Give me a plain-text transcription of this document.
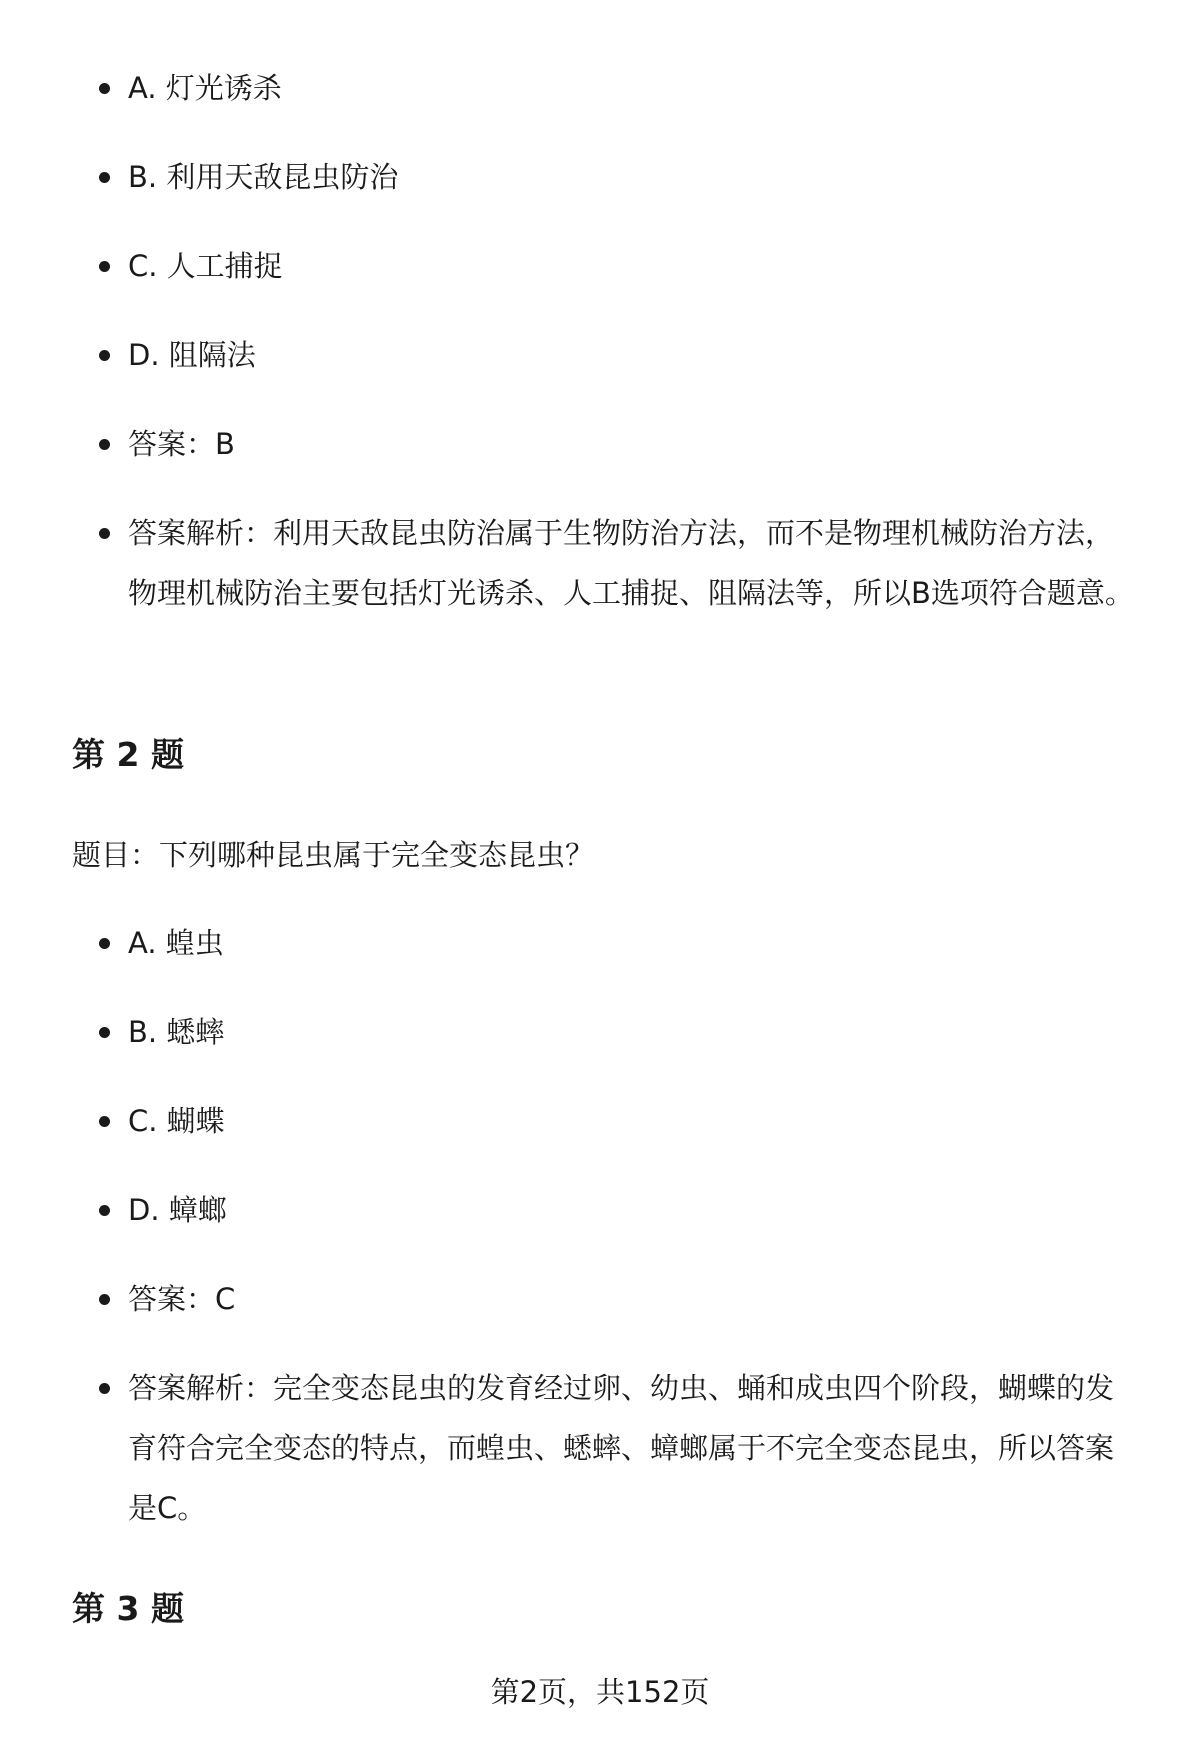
A. 灯光诱杀
B. 利用天敌昆虫防治
C. 人工捕捉
D. 阻隔法
答案：B
答案解析：利用天敌昆虫防治属于生物防治方法，而不是物理机械防治方法，物理机械防治主要包括灯光诱杀、人工捕捉、阻隔法等，所以B选项符合题意。
第 2 题

题目：下列哪种昆虫属于完全变态昆虫？

A. 蝗虫
B. 蟋蟀
C. 蝴蝶
D. 蟑螂
答案：C
答案解析：完全变态昆虫的发育经过卵、幼虫、蛹和成虫四个阶段，蝴蝶的发育符合完全变态的特点，而蝗虫、蟋蟀、蟑螂属于不完全变态昆虫，所以答案是C。
第 3 题
第2页，共152页
